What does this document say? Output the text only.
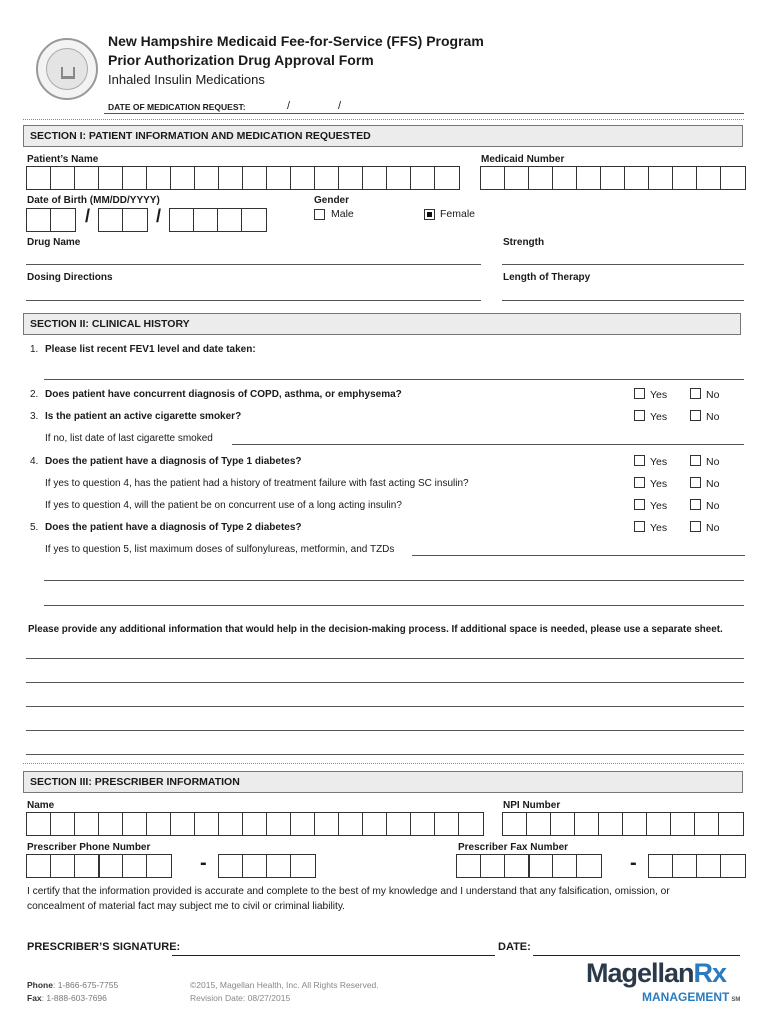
New Hampshire Medicaid Fee-for-Service (FFS) Program
Prior Authorization Drug Approval Form
Inhaled Insulin Medications
DATE OF MEDICATION REQUEST:	/	/
SECTION I: PATIENT INFORMATION AND MEDICATION REQUESTED
Patient’s Name	Medicaid Number
Date of Birth (MM/DD/YYYY)	Gender
/	/	Male	Female
Drug Name	Strength
Dosing Directions	Length of Therapy
SECTION II: CLINICAL HISTORY
1. Please list recent FEV1 level and date taken:
2. Does patient have concurrent diagnosis of COPD, asthma, or emphysema?	Yes	No
3. Is the patient an active cigarette smoker?	Yes	No
If no, list date of last cigarette smoked
4. Does the patient have a diagnosis of Type 1 diabetes?	Yes	No
If yes to question 4, has the patient had a history of treatment failure with fast acting SC insulin?	Yes	No
If yes to question 4, will the patient be on concurrent use of a long acting insulin?	Yes	No
5. Does the patient have a diagnosis of Type 2 diabetes?	Yes	No
If yes to question 5, list maximum doses of sulfonylureas, metformin, and TZDs
Please provide any additional information that would help in the decision-making process. If additional space is needed, please use a separate sheet.
SECTION III: PRESCRIBER INFORMATION
Name	NPI Number
Prescriber Phone Number	Prescriber Fax Number
-	-
I certify that the information provided is accurate and complete to the best of my knowledge and I understand that any falsification, omission, or
concealment of material fact may subject me to civil or criminal liability.
PRESCRIBER’S SIGNATURE:	DATE:
Phone: 1-866-675-7755
Fax: 1-888-603-7696
©2015, Magellan Health, Inc. All Rights Reserved.
Revision Date: 08/27/2015
MagellanRx
MANAGEMENT SM
